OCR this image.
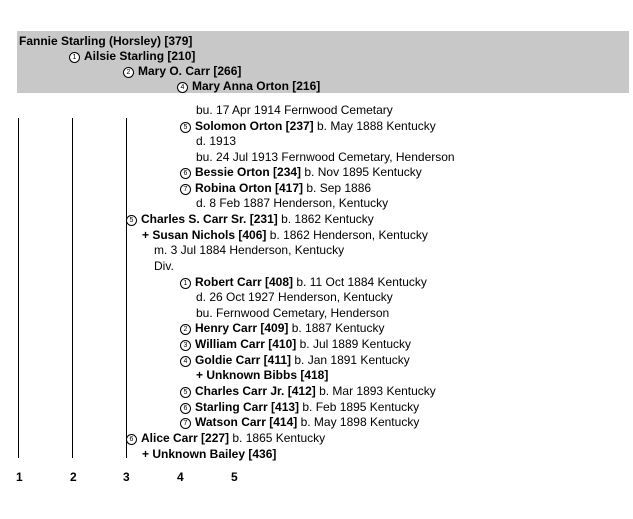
Fannie Starling (Horsley) [379]
1 Ailsie Starling [210]
2 Mary O. Carr [266]
4 Mary Anna Orton [216]
bu. 17 Apr 1914 Fernwood Cemetary
5 Solomon Orton [237] b. May 1888 Kentucky
d. 1913
bu. 24 Jul 1913 Fernwood Cemetary, Henderson
6 Bessie Orton [234] b. Nov 1895 Kentucky
7 Robina Orton [417] b. Sep 1886
d. 8 Feb 1887 Henderson, Kentucky
5 Charles S. Carr Sr. [231] b. 1862 Kentucky
+ Susan Nichols [406] b. 1862 Henderson, Kentucky
m. 3 Jul 1884 Henderson, Kentucky
Div.
1 Robert Carr [408] b. 11 Oct 1884 Kentucky
d. 26 Oct 1927 Henderson, Kentucky
bu. Fernwood Cemetary, Henderson
2 Henry Carr [409] b. 1887 Kentucky
3 William Carr [410] b. Jul 1889 Kentucky
4 Goldie Carr [411] b. Jan 1891 Kentucky
+ Unknown Bibbs [418]
5 Charles Carr Jr. [412] b. Mar 1893 Kentucky
6 Starling Carr [413] b. Feb 1895 Kentucky
7 Watson Carr [414] b. May 1898 Kentucky
6 Alice Carr [227] b. 1865 Kentucky
+ Unknown Bailey [436]
1	2	3	4	5
